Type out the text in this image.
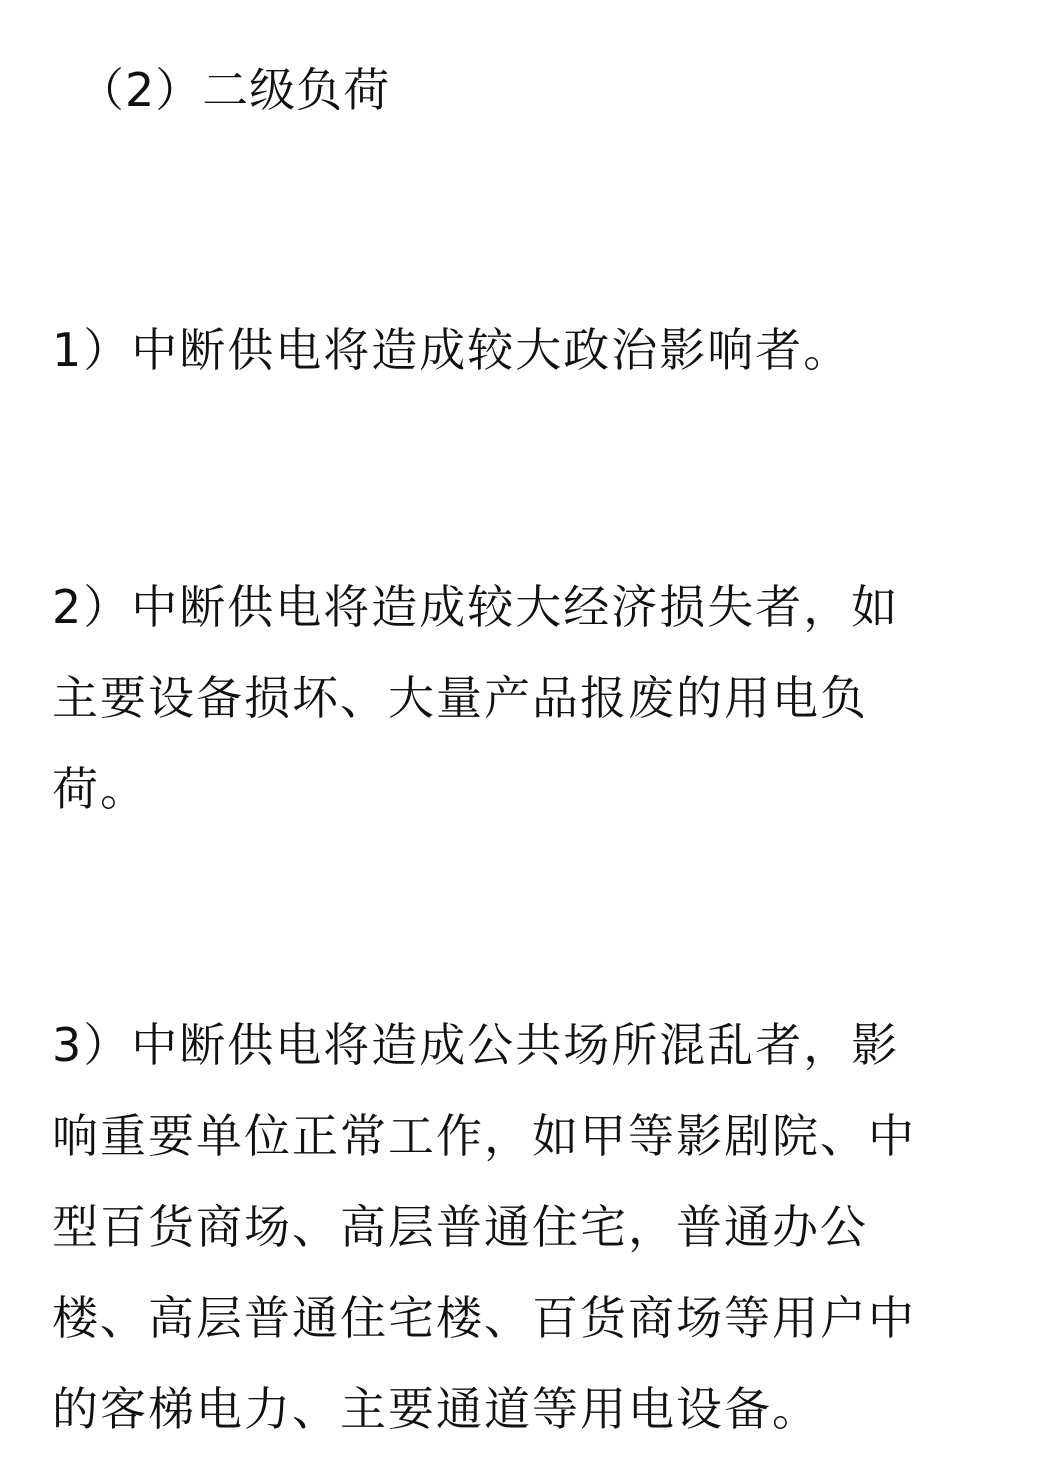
（2）二级负荷
1）中断供电将造成较大政治影响者。
2）中断供电将造成较大经济损失者，如
主要设备损坏、大量产品报废的用电负
荷。
3）中断供电将造成公共场所混乱者，影
响重要单位正常工作，如甲等影剧院、中
型百货商场、高层普通住宅，普通办公
楼、高层普通住宅楼、百货商场等用户中
的客梯电力、主要通道等用电设备。
